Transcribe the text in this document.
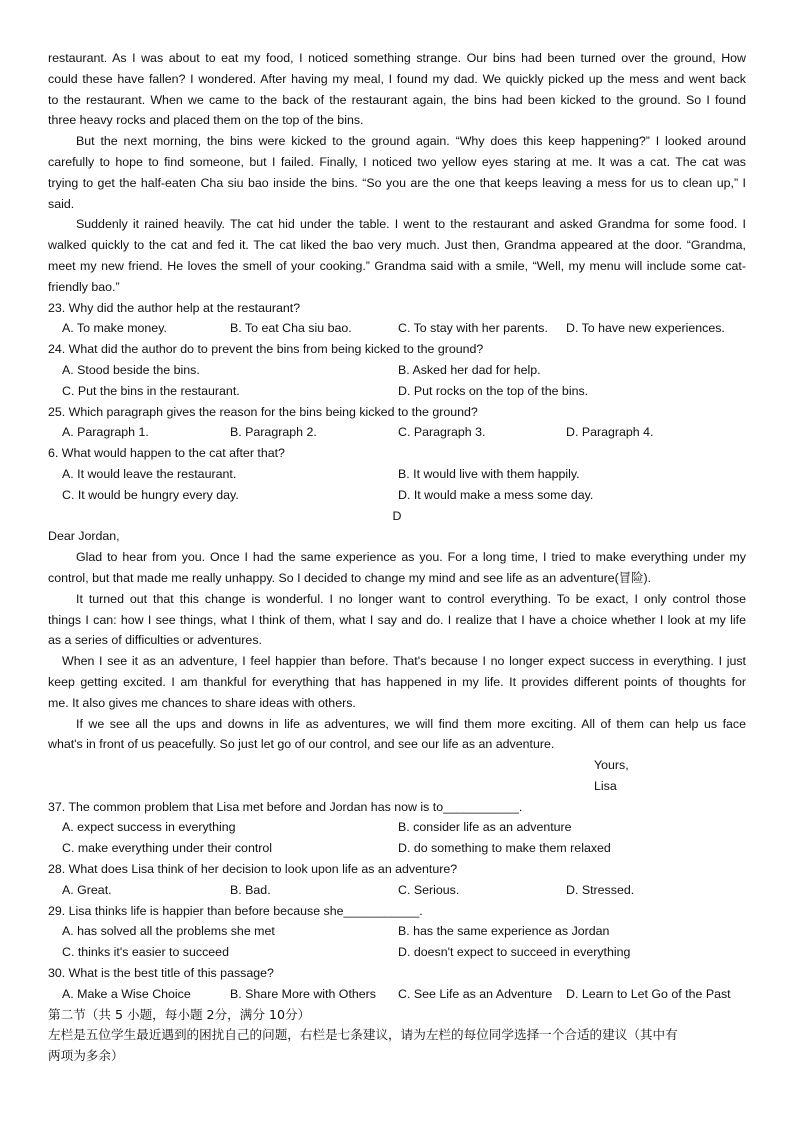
restaurant. As I was about to eat my food, I noticed something strange. Our bins had been turned over the ground, How
could these have fallen? I wondered. After having my meal, I found my dad. We quickly picked up the mess and went back
to the restaurant. When we came to the back of the restaurant again, the bins had been kicked to the ground. So I found
three heavy rocks and placed them on the top of the bins.
But the next morning, the bins were kicked to the ground again. “Why does this keep happening?” I looked around
carefully to hope to find someone, but I failed. Finally, I noticed two yellow eyes staring at me. It was a cat. The cat was
trying to get the half-eaten Cha siu bao inside the bins. “So you are the one that keeps leaving a mess for us to clean up,” I
said.
Suddenly it rained heavily. The cat hid under the table. I went to the restaurant and asked Grandma for some food. I
walked quickly to the cat and fed it. The cat liked the bao very much. Just then, Grandma appeared at the door. “Grandma,
meet my new friend. He loves the smell of your cooking.” Grandma said with a smile, “Well, my menu will include some cat-
friendly bao.”
23. Why did the author help at the restaurant?
A. To make money.	B. To eat Cha siu bao.	C. To stay with her parents.	D. To have new experiences.
24. What did the author do to prevent the bins from being kicked to the ground?
A. Stood beside the bins.	B. Asked her dad for help.
C. Put the bins in the restaurant.	D. Put rocks on the top of the bins.
25. Which paragraph gives the reason for the bins being kicked to the ground?
A. Paragraph 1.	B. Paragraph 2.	C. Paragraph 3.	D. Paragraph 4.
6. What would happen to the cat after that?
A. It would leave the restaurant.	B. It would live with them happily.
C. It would be hungry every day.	D. It would make a mess some day.
D
Dear Jordan,
Glad to hear from you. Once I had the same experience as you. For a long time, I tried to make everything under my
control, but that made me really unhappy. So I decided to change my mind and see life as an adventure(冒险).
It turned out that this change is wonderful. I no longer want to control everything. To be exact, I only control those
things I can: how I see things, what I think of them, what I say and do. I realize that I have a choice whether I look at my life
as a series of difficulties or adventures.
When I see it as an adventure, I feel happier than before. That's because I no longer expect success in everything. I just
keep getting excited. I am thankful for everything that has happened in my life. It provides different points of thoughts for
me. It also gives me chances to share ideas with others.
If we see all the ups and downs in life as adventures, we will find them more exciting. All of them can help us face
what's in front of us peacefully. So just let go of our control, and see our life as an adventure.
Yours,
Lisa
37. The common problem that Lisa met before and Jordan has now is to___________.
A. expect success in everything	B. consider life as an adventure
C. make everything under their control	D. do something to make them relaxed
28. What does Lisa think of her decision to look upon life as an adventure?
A. Great.	B. Bad.	C. Serious.	D. Stressed.
29. Lisa thinks life is happier than before because she___________.
A. has solved all the problems she met	B. has the same experience as Jordan
C. thinks it's easier to succeed	D. doesn't expect to succeed in everything
30. What is the best title of this passage?
A. Make a Wise Choice	B. Share More with Others	C. See Life as an Adventure	D. Learn to Let Go of the Past
第二节（共 5 小题，每小题 2分，满分 10分）
左栏是五位学生最近遇到的困扰自己的问题，右栏是七条建议，请为左栏的每位同学选择一个合适的建议（其中有
两项为多余）
